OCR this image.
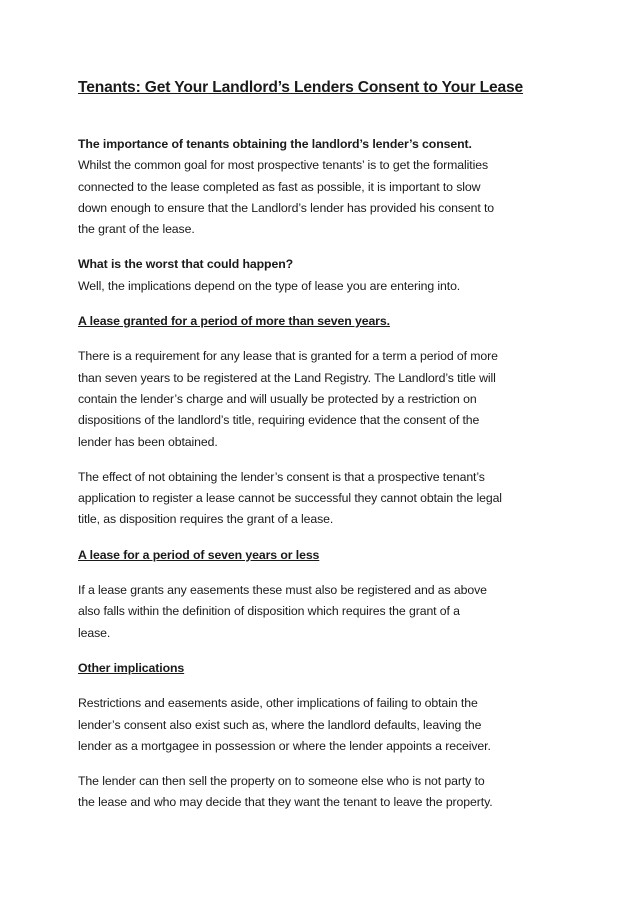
Tenants: Get Your Landlord’s Lenders Consent to Your Lease

The importance of tenants obtaining the landlord’s lender’s consent.

Whilst the common goal for most prospective tenants’ is to get the formalities
connected to the lease completed as fast as possible, it is important to slow
down enough to ensure that the Landlord’s lender has provided his consent to
the grant of the lease.

What is the worst that could happen?

Well, the implications depend on the type of lease you are entering into.

A lease granted for a period of more than seven years.
There is a requirement for any lease that is granted for a term a period of more
than seven years to be registered at the Land Registry. The Landlord’s title will
contain the lender’s charge and will usually be protected by a restriction on
dispositions of the landlord’s title, requiring evidence that the consent of the
lender has been obtained.
The effect of not obtaining the lender’s consent is that a prospective tenant’s
application to register a lease cannot be successful they cannot obtain the legal
title, as disposition requires the grant of a lease.
A lease for a period of seven years or less
If a lease grants any easements these must also be registered and as above
also falls within the definition of disposition which requires the grant of a
lease.
Other implications
Restrictions and easements aside, other implications of failing to obtain the
lender’s consent also exist such as, where the landlord defaults, leaving the
lender as a mortgagee in possession or where the lender appoints a receiver.
The lender can then sell the property on to someone else who is not party to
the lease and who may decide that they want the tenant to leave the property.
